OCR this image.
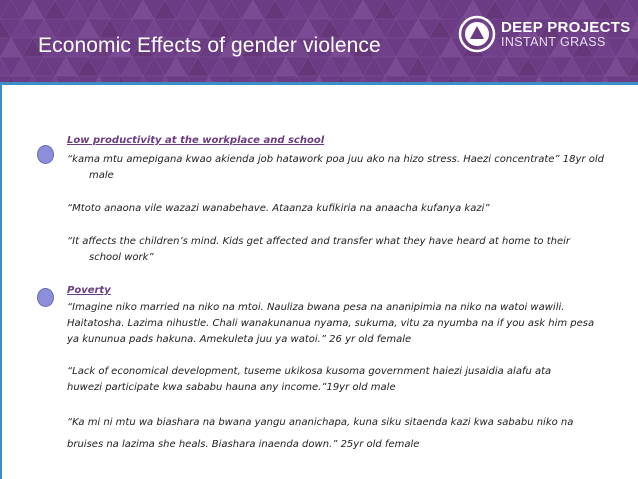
Economic Effects of gender violence
DEEP PROJECTS
INSTANT GRASS

Low productivity at the workplace and school

“kama mtu amepigana kwao akienda job hatawork poa juu ako na hizo stress. Haezi concentrate” 18yr old male

“Mtoto anaona vile wazazi wanabehave. Ataanza kufikiria na anaacha kufanya kazi”

“It affects the children’s mind. Kids get affected and transfer what they have heard at home to their school work”

Poverty

“Imagine niko married na niko na mtoi. Nauliza bwana pesa na ananipimia na niko na watoi wawili. Haitatosha. Lazima nihustle. Chali wanakunanua nyama, sukuma, vitu za nyumba na if you ask him pesa ya kununua pads hakuna. Amekuleta juu ya watoi.” 26 yr old female

“Lack of economical development, tuseme ukikosa kusoma government haiezi jusaidia alafu ata huwezi participate kwa sababu hauna any income.”19yr old male

“Ka mi ni mtu wa biashara na bwana yangu ananichapa, kuna siku sitaenda kazi kwa sababu niko na bruises na lazima she heals. Biashara inaenda down.” 25yr old female
